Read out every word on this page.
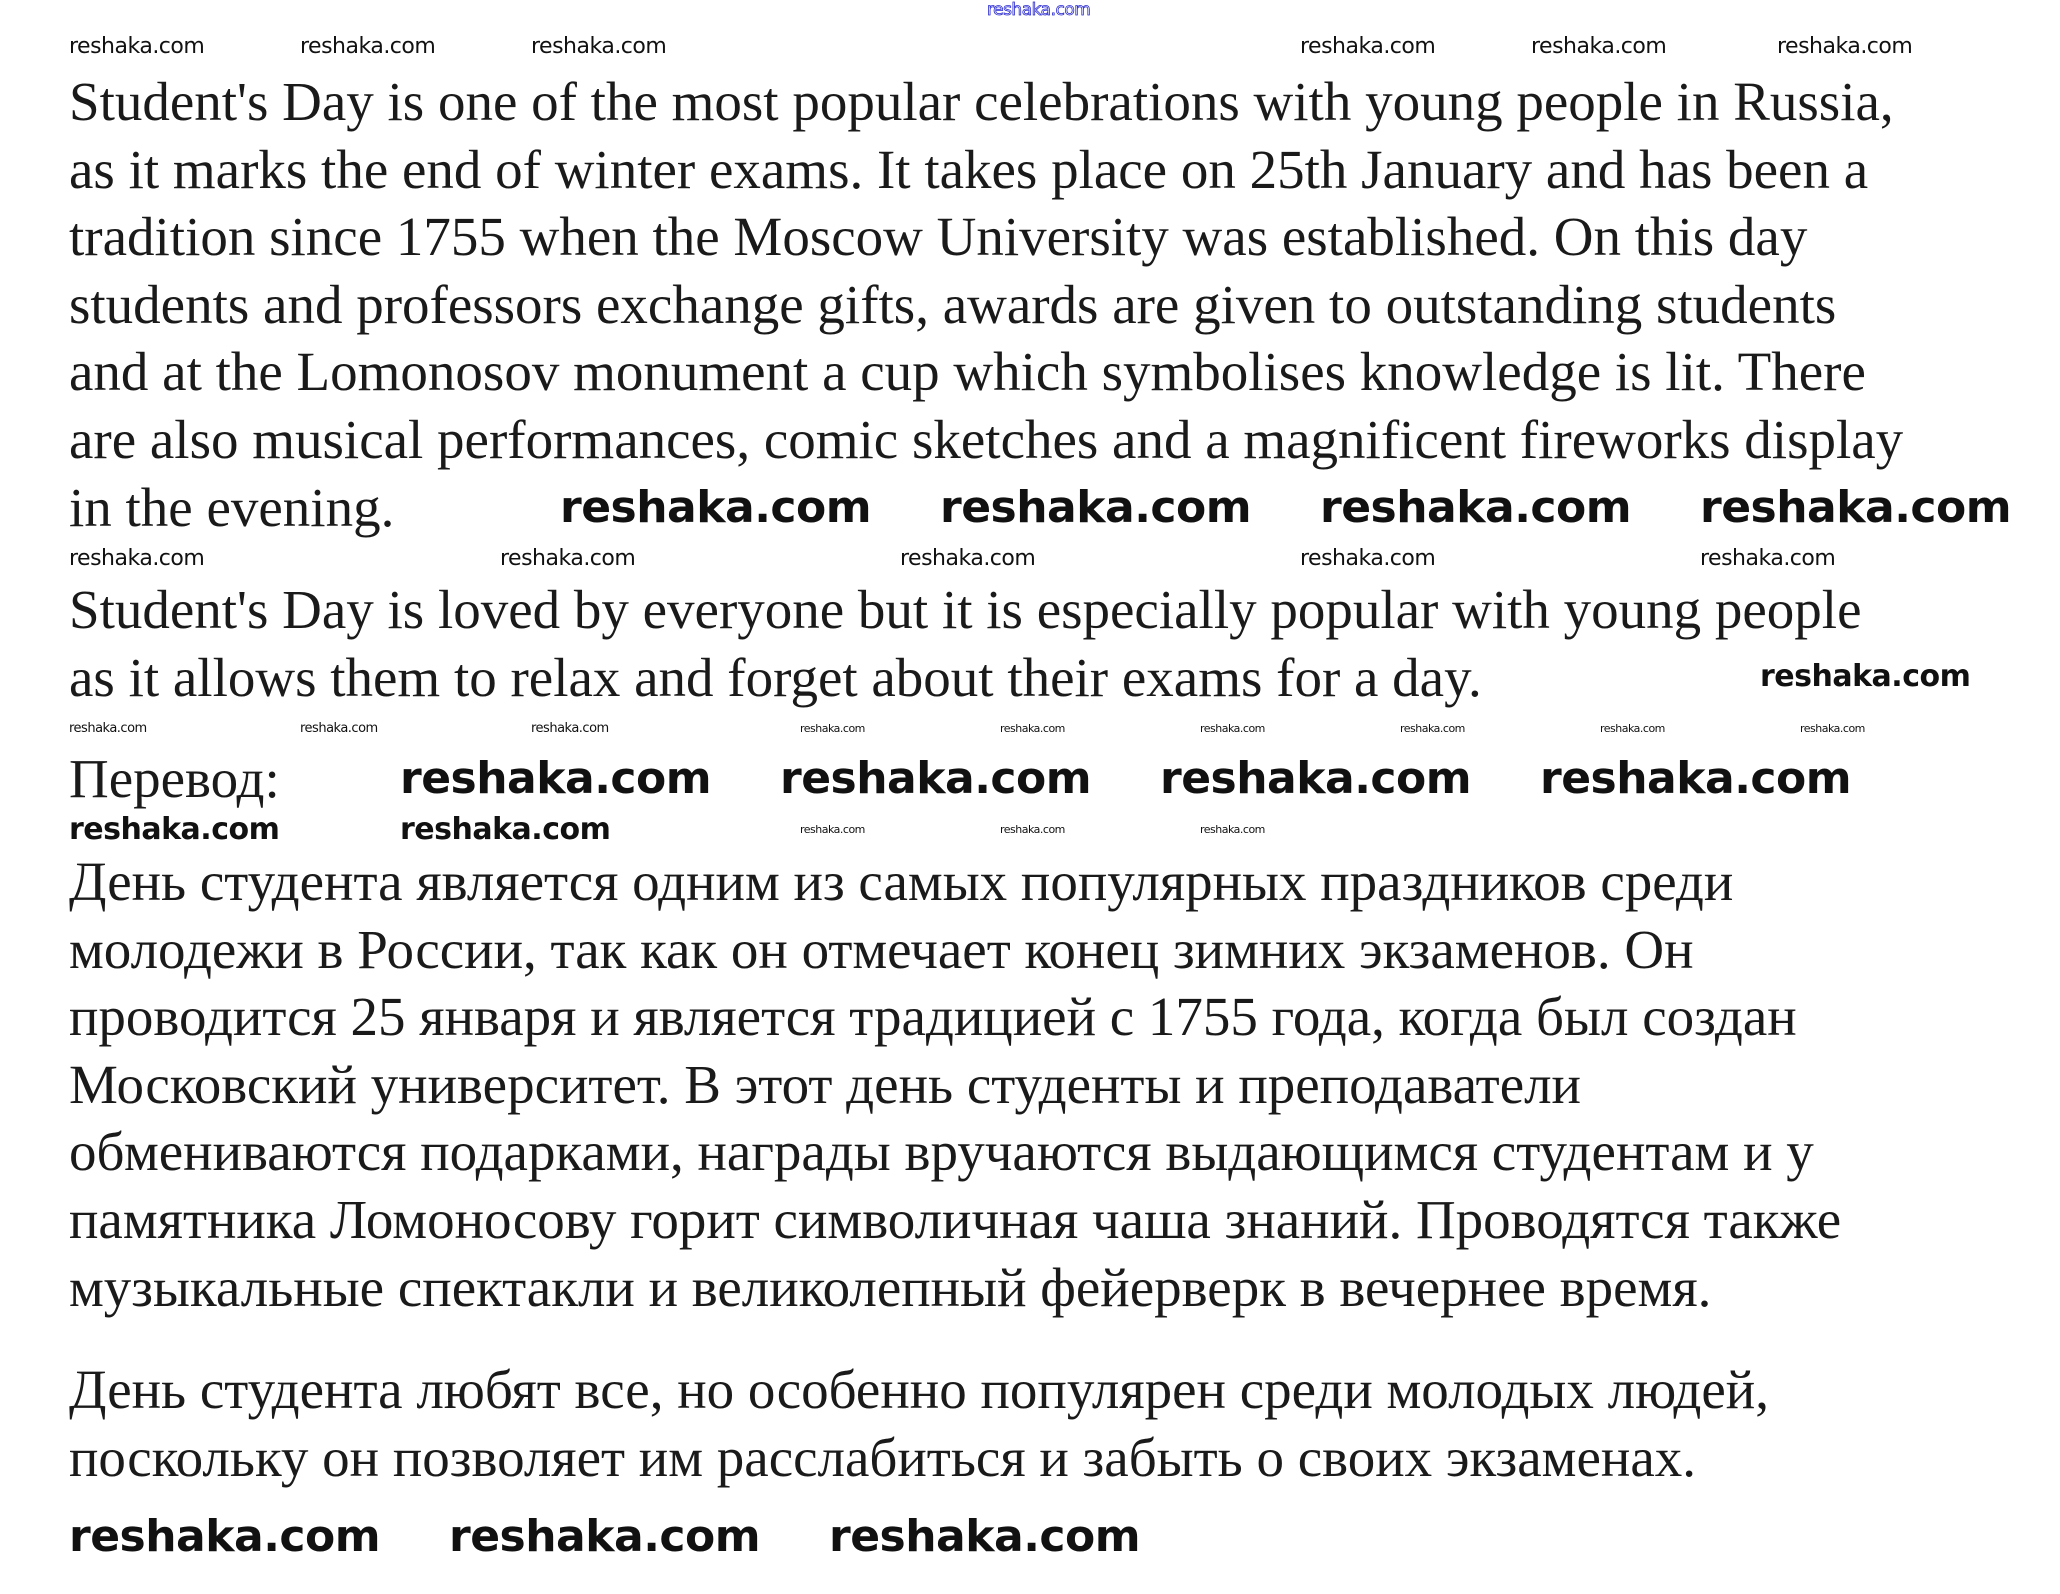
Student's Day is one of the most popular celebrations with young people in Russia,
as it marks the end of winter exams. It takes place on 25th January and has been a
tradition since 1755 when the Moscow University was established. On this day
students and professors exchange gifts, awards are given to outstanding students
and at the Lomonosov monument a cup which symbolises knowledge is lit. There
are also musical performances, comic sketches and a magnificent fireworks display
in the evening.
Student's Day is loved by everyone but it is especially popular with young people
as it allows them to relax and forget about their exams for a day.
Перевод:
День студента является одним из самых популярных праздников среди
молодежи в России, так как он отмечает конец зимних экзаменов. Он
проводится 25 января и является традицией с 1755 года, когда был создан
Московский университет. В этот день студенты и преподаватели
обмениваются подарками, награды вручаются выдающимся студентам и у
памятника Ломоносову горит символичная чаша знаний. Проводятся также
музыкальные спектакли и великолепный фейерверк в вечернее время.
День студента любят все, но особенно популярен среди молодых людей,
поскольку он позволяет им расслабиться и забыть о своих экзаменах.
reshaka.com
reshaka.com	reshaka.com	reshaka.com	reshaka.com	reshaka.com	reshaka.com
reshaka.com reshaka.com reshaka.com reshaka.com
reshaka.com	reshaka.com	reshaka.com	reshaka.com	reshaka.com
reshaka.com
reshaka.com	reshaka.com	reshaka.com	reshaka.com	reshaka.com	reshaka.com	reshaka.com	reshaka.com	reshaka.com
reshaka.com reshaka.com reshaka.com reshaka.com
reshaka.com	reshaka.com	reshaka.com	reshaka.com	reshaka.com
reshaka.com reshaka.com reshaka.com
